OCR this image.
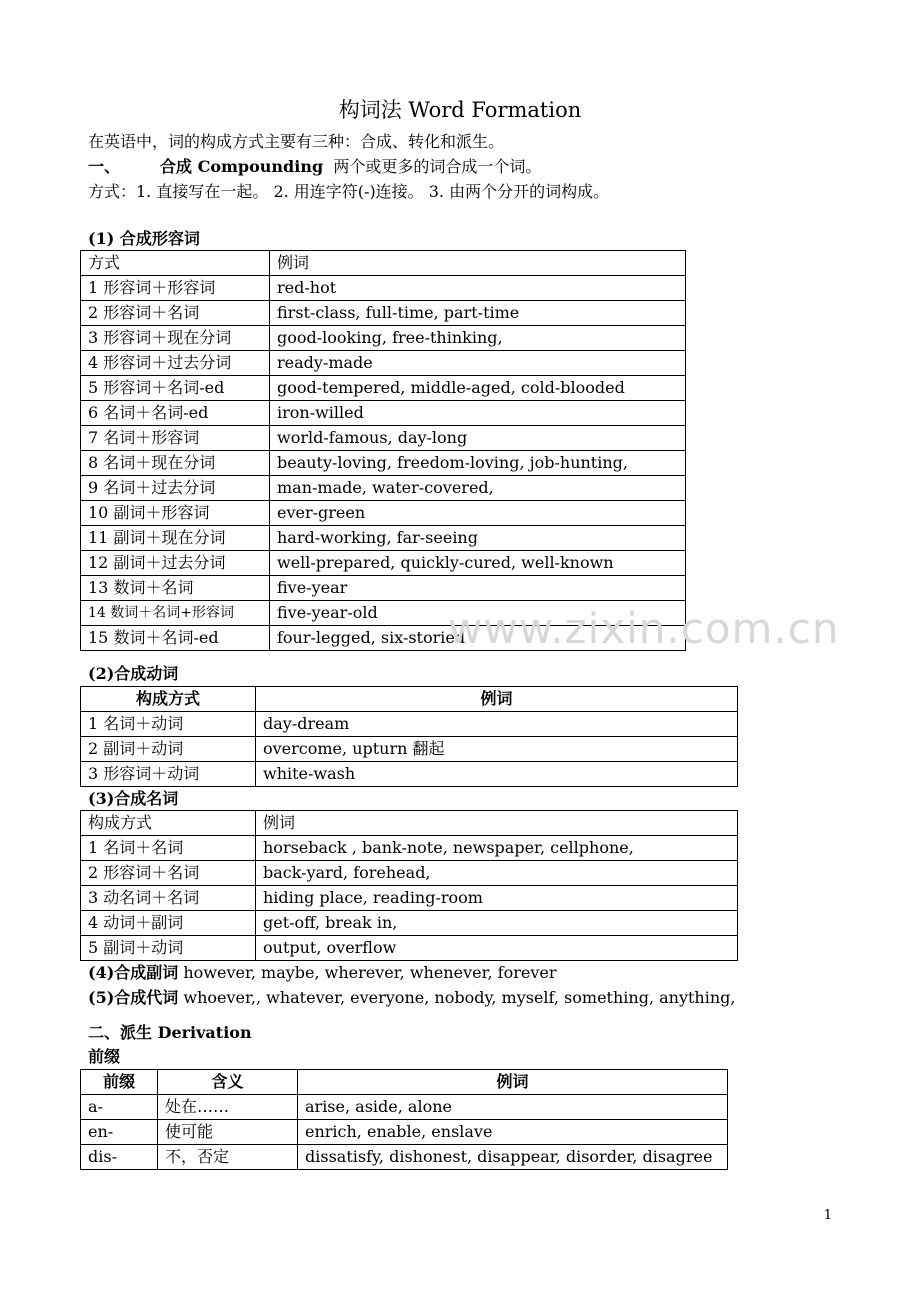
构词法 Word Formation
在英语中，词的构成方式主要有三种：合成、转化和派生。
一、	合成 Compounding 两个或更多的词合成一个词。
方式：1. 直接写在一起。 2. 用连字符(-)连接。 3. 由两个分开的词构成。
(1) 合成形容词
方式	例词
1 形容词＋形容词	red-hot
2 形容词＋名词	first-class, full-time, part-time
3 形容词＋现在分词	good-looking, free-thinking,
4 形容词＋过去分词	ready-made
5 形容词＋名词-ed	good-tempered, middle-aged, cold-blooded
6 名词＋名词-ed	iron-willed
7 名词＋形容词	world-famous, day-long
8 名词＋现在分词	beauty-loving, freedom-loving, job-hunting,
9 名词＋过去分词	man-made, water-covered,
10 副词＋形容词	ever-green
11 副词＋现在分词	hard-working, far-seeing
12 副词＋过去分词	well-prepared, quickly-cured, well-known
13 数词＋名词	five-year
14 数词＋名词+形容词	five-year-old
15 数词＋名词-ed	four-legged, six-storied
www.zixin.com.cn
(2)合成动词
构成方式	例词
1 名词＋动词	day-dream
2 副词＋动词	overcome, upturn 翻起
3 形容词＋动词	white-wash
(3)合成名词
构成方式	例词
1 名词＋名词	horseback , bank-note, newspaper, cellphone,
2 形容词＋名词	back-yard, forehead,
3 动名词＋名词	hiding place, reading-room
4 动词＋副词	get-off, break in,
5 副词＋动词	output, overflow
(4)合成副词 however, maybe, wherever, whenever, forever
(5)合成代词 whoever,, whatever, everyone, nobody, myself, something, anything,
二、派生 Derivation
前缀
前缀	含义	例词
a-	处在……	arise, aside, alone
en-	使可能	enrich, enable, enslave
dis-	不，否定	dissatisfy, dishonest, disappear, disorder, disagree
1
